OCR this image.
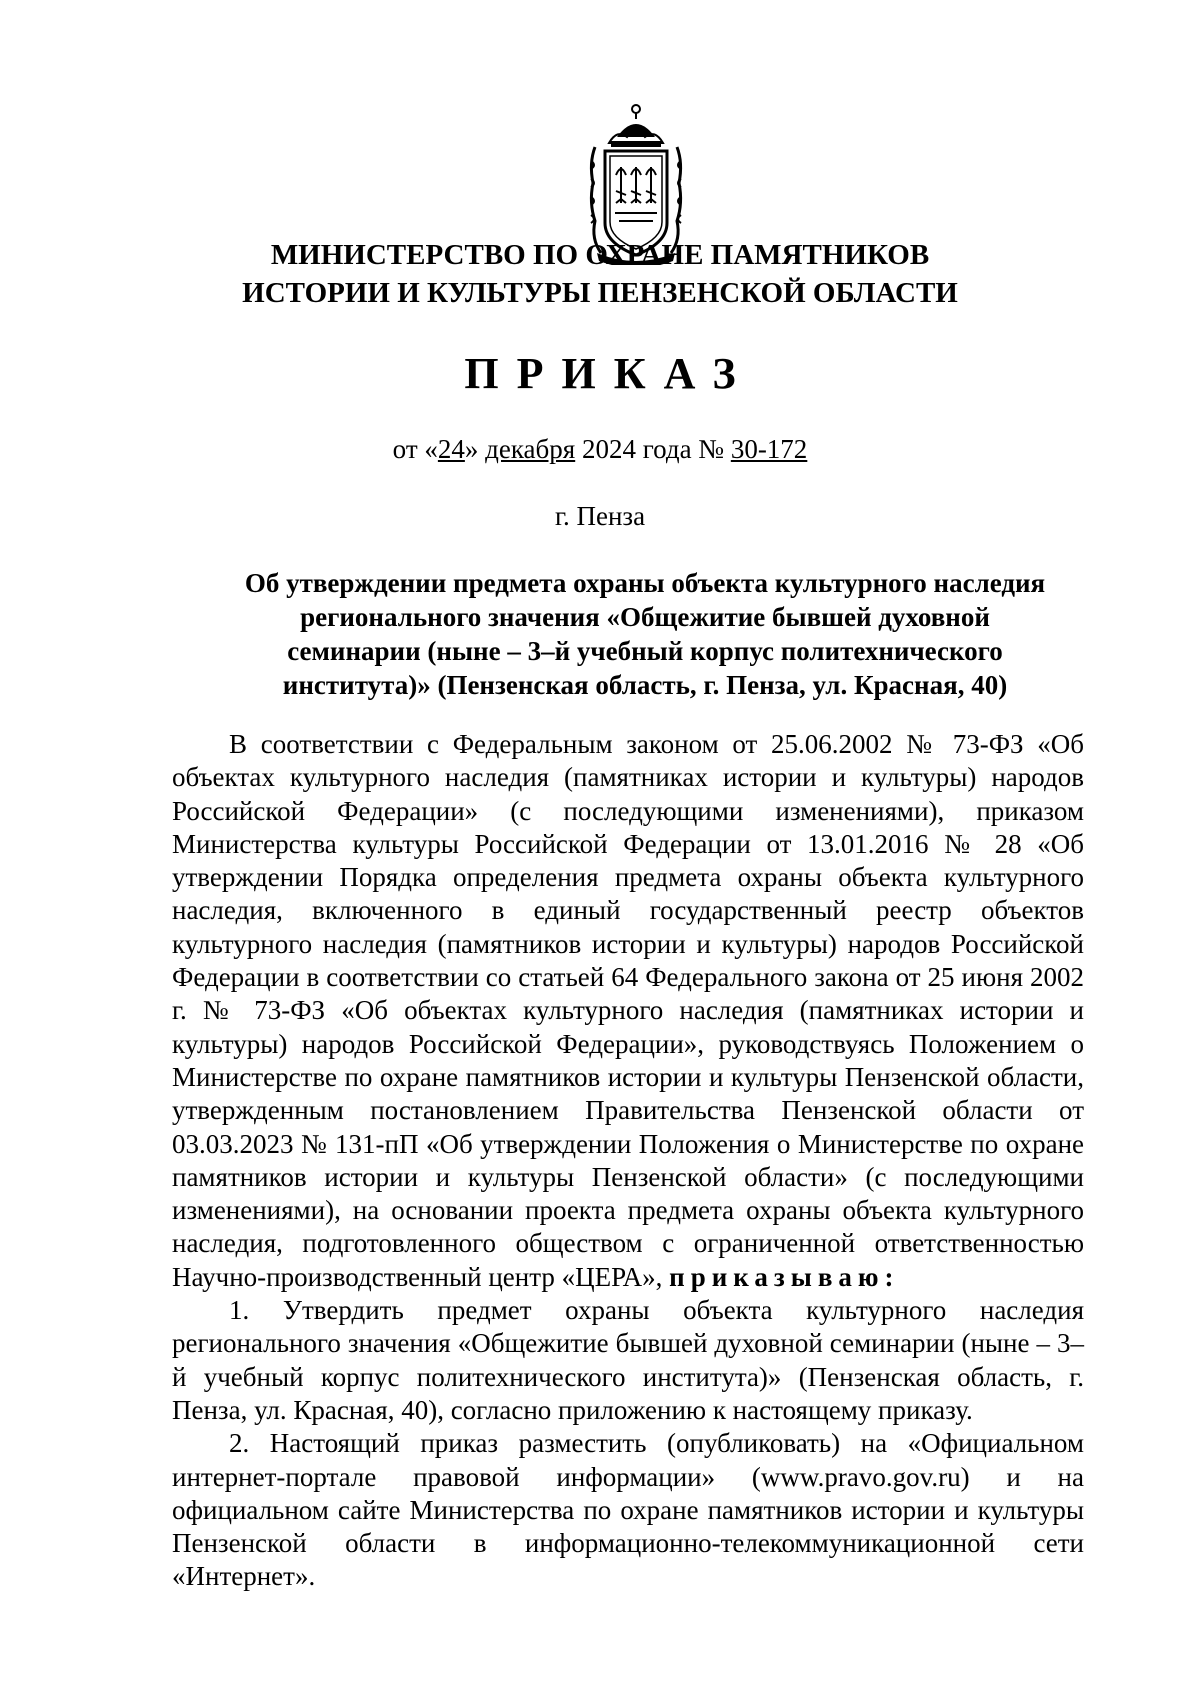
МИНИСТЕРСТВО ПО ОХРАНЕ ПАМЯТНИКОВ
ИСТОРИИ И КУЛЬТУРЫ ПЕНЗЕНСКОЙ ОБЛАСТИ
ПРИКАЗ
от «24» декабря 2024 года № 30-172
г. Пенза
Об утверждении предмета охраны объекта культурного наследия
регионального значения «Общежитие бывшей духовной
семинарии (ныне – 3–й учебный корпус политехнического
института)» (Пензенская область, г. Пенза, ул. Красная, 40)

В соответствии с Федеральным законом от 25.06.2002 № 73-ФЗ «Об объектах культурного наследия (памятниках истории и культуры) народов Российской Федерации» (с последующими изменениями), приказом Министерства культуры Российской Федерации от 13.01.2016 № 28 «Об утверждении Порядка определения предмета охраны объекта культурного наследия, включенного в единый государственный реестр объектов культурного наследия (памятников истории и культуры) народов Российской Федерации в соответствии со статьей 64 Федерального закона от 25 июня 2002 г. № 73-ФЗ «Об объектах культурного наследия (памятниках истории и культуры) народов Российской Федерации», руководствуясь Положением о Министерстве по охране памятников истории и культуры Пензенской области, утвержденным постановлением Правительства Пензенской области от 03.03.2023 № 131-пП «Об утверждении Положения о Министерстве по охране памятников истории и культуры Пензенской области» (с последующими изменениями), на основании проекта предмета охраны объекта культурного наследия, подготовленного обществом с ограниченной ответственностью Научно-производственный центр «ЦЕРА», приказываю:

1. Утвердить предмет охраны объекта культурного наследия регионального значения «Общежитие бывшей духовной семинарии (ныне – 3–й учебный корпус политехнического института)» (Пензенская область, г. Пенза, ул. Красная, 40), согласно приложению к настоящему приказу.

2. Настоящий приказ разместить (опубликовать) на «Официальном интернет-портале правовой информации» (www.pravo.gov.ru) и на официальном сайте Министерства по охране памятников истории и культуры Пензенской области в информационно-телекоммуникационной сети «Интернет».
